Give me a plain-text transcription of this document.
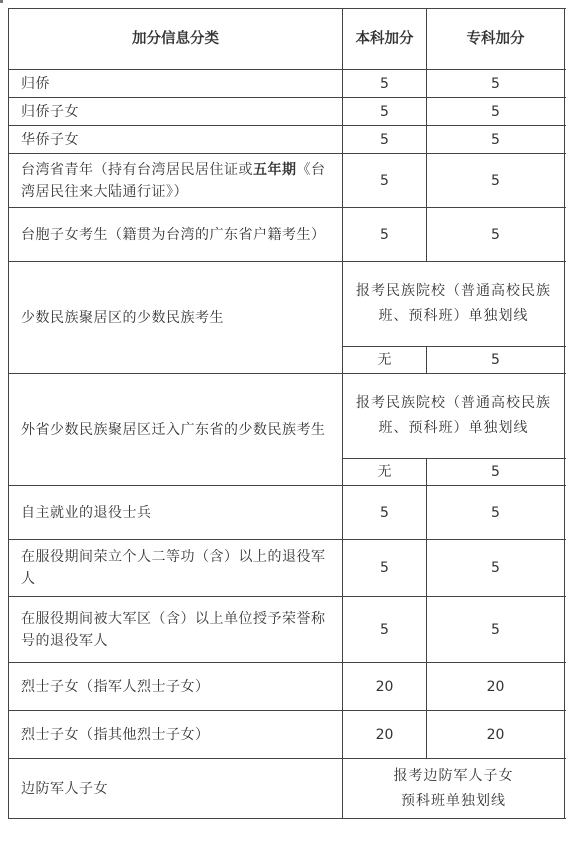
加分信息分类	本科加分	专科加分	
归侨	5	5	
归侨子女	5	5	
华侨子女	5	5	
台湾省青年（持有台湾居民居住证或五年期《台湾居民往来大陆通行证》）	5	5	
台胞子女考生（籍贯为台湾的广东省户籍考生）	5	5	
少数民族聚居区的少数民族考生	报考民族院校（普通高校民族班、预科班）单独划线		
	无	5	
外省少数民族聚居区迁入广东省的少数民族考生	报考民族院校（普通高校民族班、预科班）单独划线		
	无	5	
自主就业的退役士兵	5	5	
在服役期间荣立个人二等功（含）以上的退役军人	5	5	
在服役期间被大军区（含）以上单位授予荣誉称号的退役军人	5	5	
烈士子女（指军人烈士子女）	20	20	
烈士子女（指其他烈士子女）	20	20	
边防军人子女	报考边防军人子女预科班单独划线		
